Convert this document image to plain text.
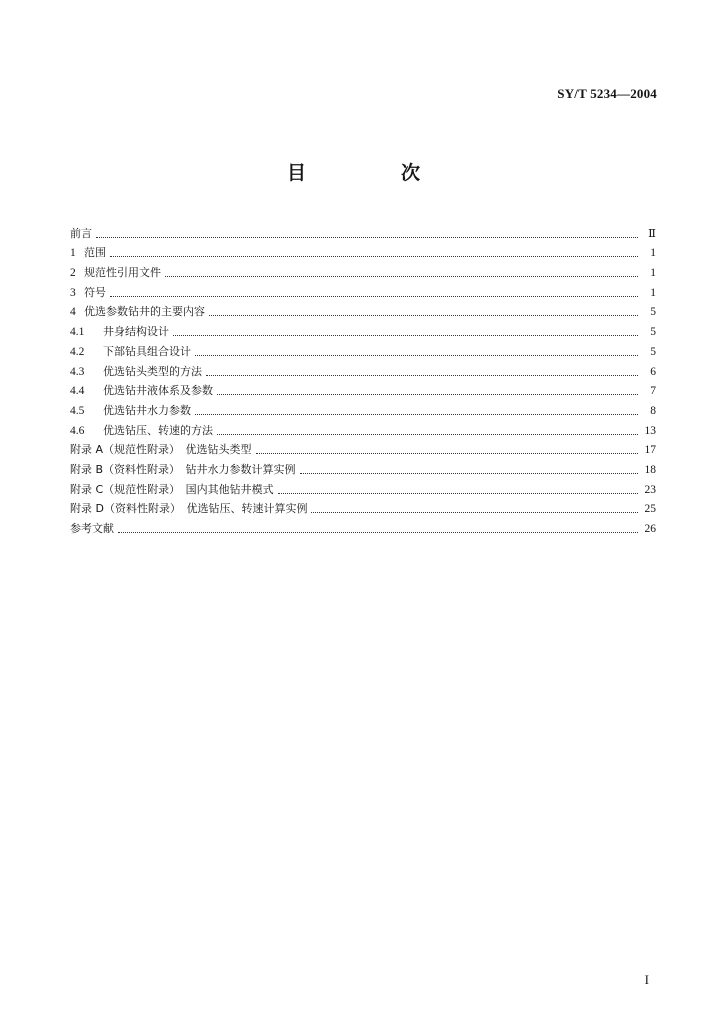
SY/T 5234—2004
目　次
前言	Ⅱ
1 范围	1
2 规范性引用文件	1
3 符号	1
4 优选参数钻井的主要内容	5
4.1	井身结构设计	5
4.2	下部钻具组合设计	5
4.3	优选钻头类型的方法	6
4.4	优选钻井液体系及参数	7
4.5	优选钻井水力参数	8
4.6	优选钻压、转速的方法	13
附录 A（规范性附录）　优选钻头类型	17
附录 B（资料性附录）　钻井水力参数计算实例	18
附录 C（规范性附录）　国内其他钻井模式	23
附录 D（资料性附录）　优选钻压、转速计算实例	25
参考文献	26
I
